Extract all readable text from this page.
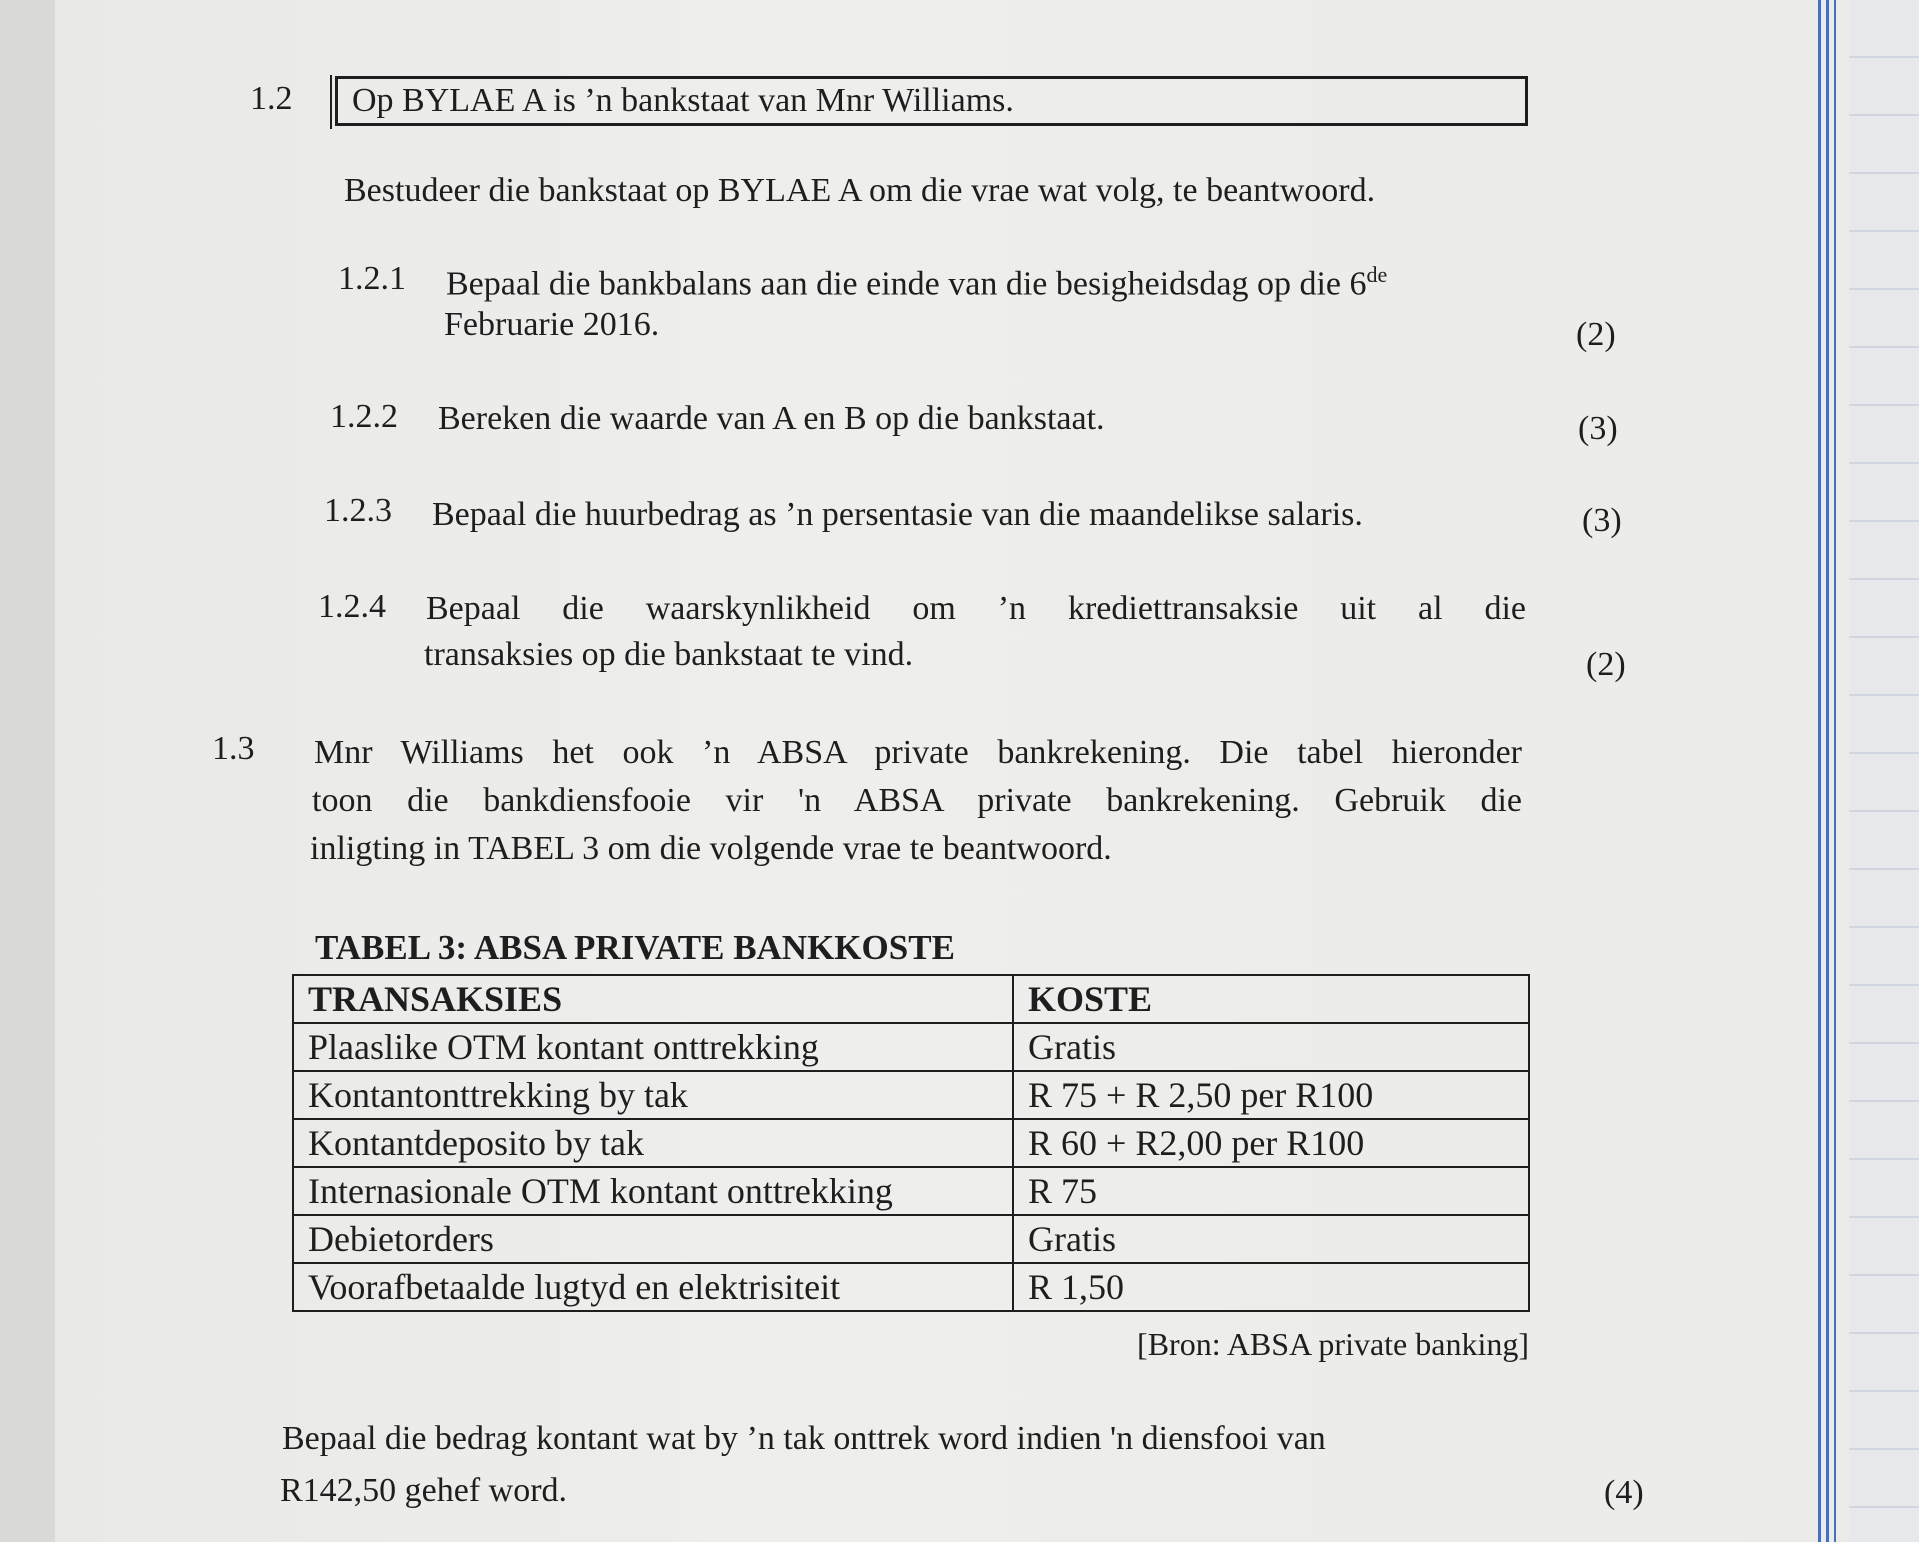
1.2	Op BYLAE A is ’n bankstaat van Mnr Williams.
Bestudeer die bankstaat op BYLAE A om die vrae wat volg, te beantwoord.
1.2.1 Bepaal die bankbalans aan die einde van die besigheidsdag op die 6de
Februarie 2016.	(2)
1.2.2 Bereken die waarde van A en B op die bankstaat.	(3)
1.2.3 Bepaal die huurbedrag as ’n persentasie van die maandelikse salaris.	(3)
1.2.4 Bepaal die waarskynlikheid om ’n krediettransaksie uit al die
transaksies op die bankstaat te vind.	(2)
1.3 Mnr Williams het ook ’n ABSA private bankrekening. Die tabel hieronder
toon die bankdiensfooie vir 'n ABSA private bankrekening. Gebruik die
inligting in TABEL 3 om die volgende vrae te beantwoord.
TABEL 3: ABSA PRIVATE BANKKOSTE
TRANSAKSIES	KOSTE
Plaaslike OTM kontant onttrekking	Gratis
Kontantonttrekking by tak	R 75 + R 2,50 per R100
Kontantdeposito by tak	R 60 + R2,00 per R100
Internasionale OTM kontant onttrekking	R 75
Debietorders	Gratis
Voorafbetaalde lugtyd en elektrisiteit	R 1,50
[Bron: ABSA private banking]
Bepaal die bedrag kontant wat by ’n tak onttrek word indien 'n diensfooi van
R142,50 gehef word.	(4)
